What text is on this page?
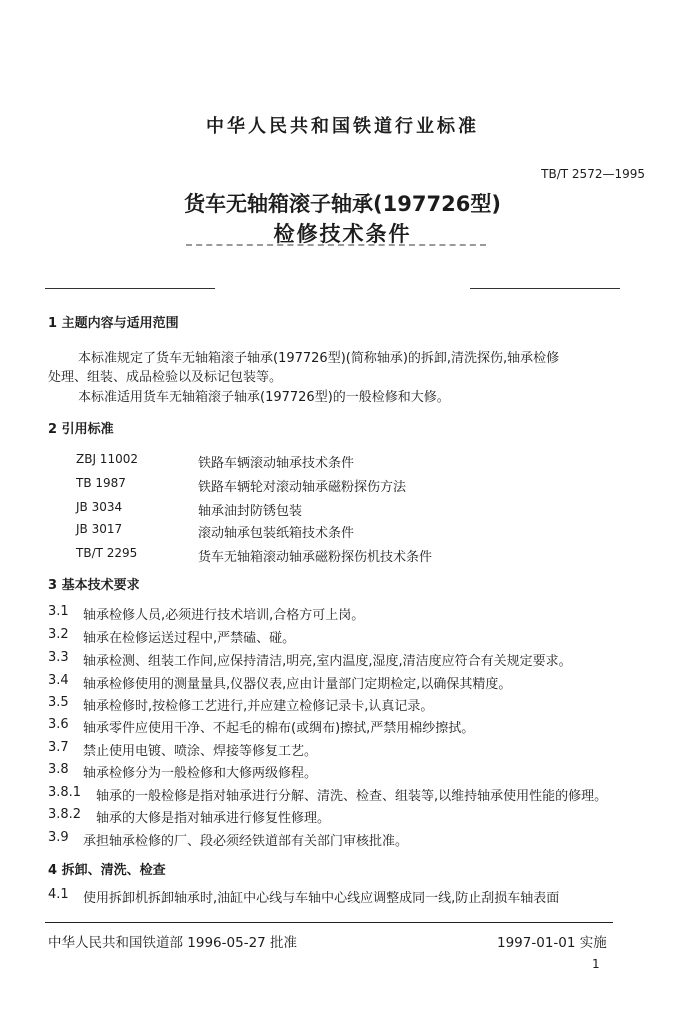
中华人民共和国铁道行业标准
TB/T 2572—1995
货车无轴箱滚子轴承(197726型)
检修技术条件
1 主题内容与适用范围
本标准规定了货车无轴箱滚子轴承(197726型)(简称轴承)的拆卸,清洗探伤,轴承检修
处理、组装、成品检验以及标记包装等。
本标准适用货车无轴箱滚子轴承(197726型)的一般检修和大修。
2 引用标准
ZBJ 11002	铁路车辆滚动轴承技术条件
TB 1987	铁路车辆轮对滚动轴承磁粉探伤方法
JB 3034	轴承油封防锈包装
JB 3017	滚动轴承包装纸箱技术条件
TB/T 2295	货车无轴箱滚动轴承磁粉探伤机技术条件
3 基本技术要求
3.1 轴承检修人员,必须进行技术培训,合格方可上岗。
3.2 轴承在检修运送过程中,严禁磕、碰。
3.3 轴承检测、组装工作间,应保持清洁,明亮,室内温度,湿度,清洁度应符合有关规定要求。
3.4 轴承检修使用的测量量具,仪器仪表,应由计量部门定期检定,以确保其精度。
3.5 轴承检修时,按检修工艺进行,并应建立检修记录卡,认真记录。
3.6 轴承零件应使用干净、不起毛的棉布(或绸布)擦拭,严禁用棉纱擦拭。
3.7 禁止使用电镀、喷涂、焊接等修复工艺。
3.8 轴承检修分为一般检修和大修两级修程。
3.8.1 轴承的一般检修是指对轴承进行分解、清洗、检查、组装等,以维持轴承使用性能的修理。
3.8.2 轴承的大修是指对轴承进行修复性修理。
3.9 承担轴承检修的厂、段必须经铁道部有关部门审核批准。
4 拆卸、清洗、检查
4.1 使用拆卸机拆卸轴承时,油缸中心线与车轴中心线应调整成同一线,防止刮损车轴表面
中华人民共和国铁道部 1996-05-27 批准	1997-01-01 实施
1
